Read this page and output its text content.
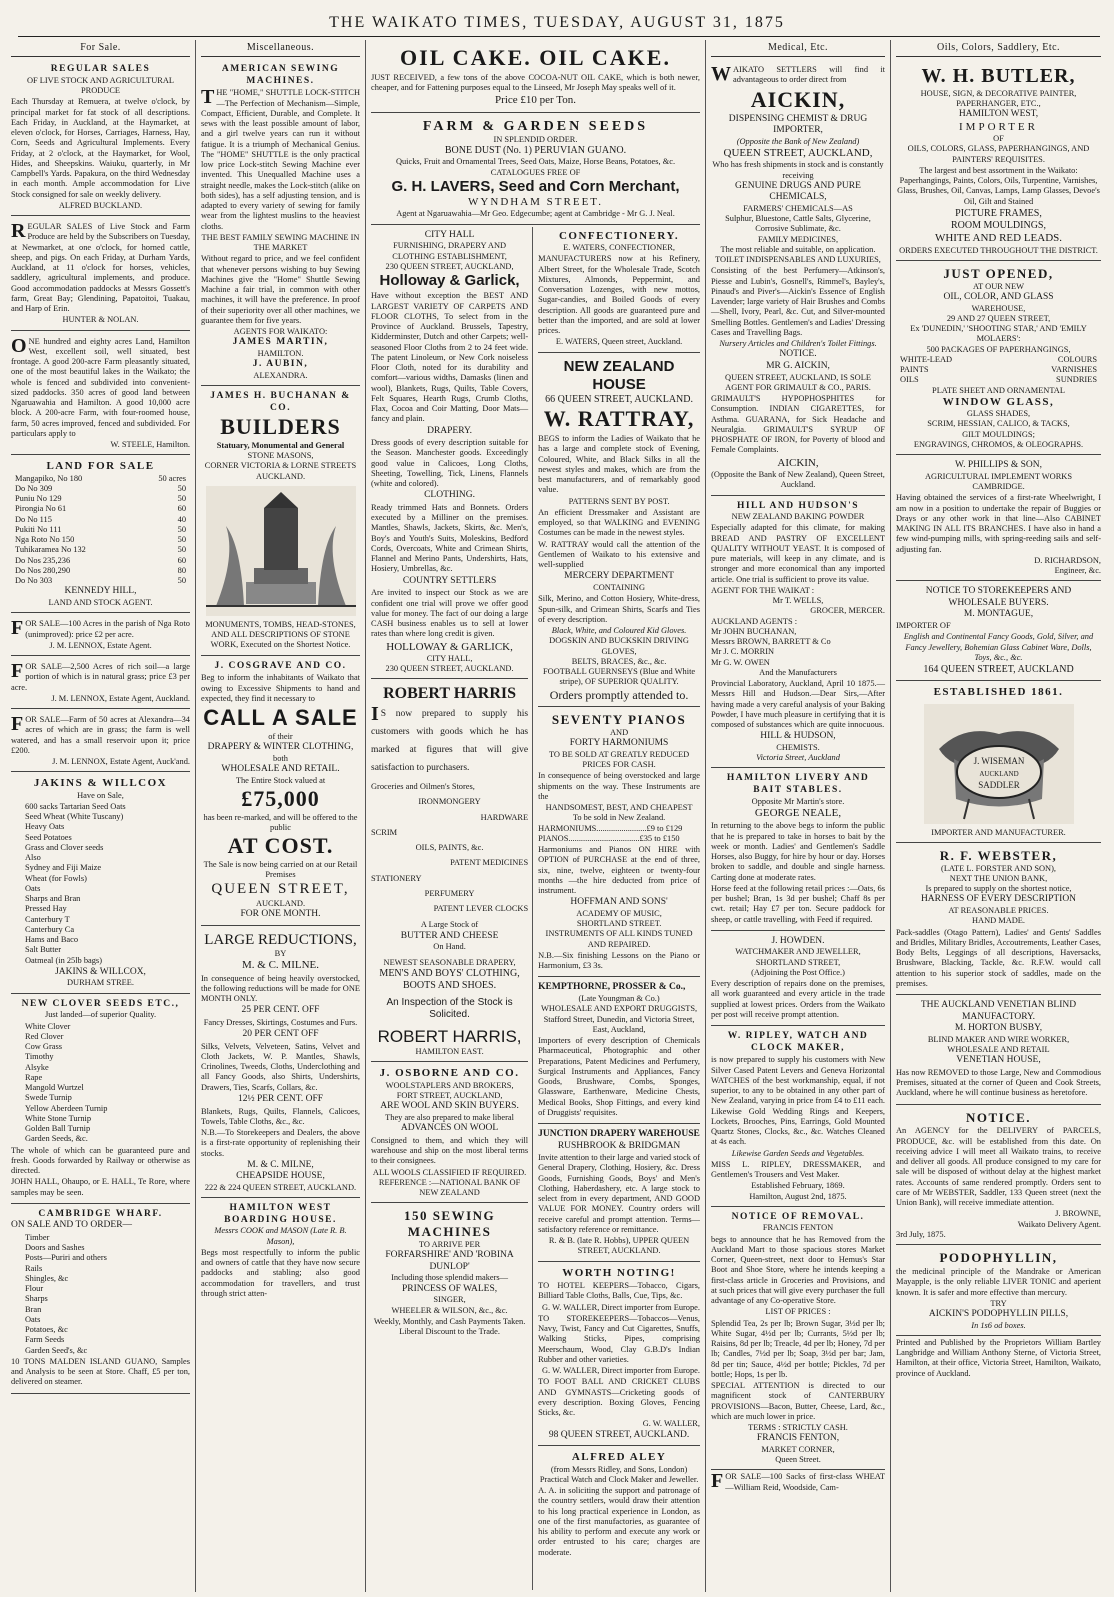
THE WAIKATO TIMES, TUESDAY, AUGUST 31, 1875
For Sale.
REGULAR SALES
OF LIVE STOCK AND AGRICULTURAL PRODUCE

Each Thursday at Remuera, at twelve o'clock, by principal market for fat stock of all descriptions. Each Friday, in Auckland, at the Haymarket, at eleven o'clock, for Horses, Carriages, Harness, Hay, Corn, Seeds and Agricultural Implements. Every Friday, at 2 o'clock, at the Haymarket, for Wool, Hides, and Sheepskins. Waiuku, quarterly, in Mr Campbell's Yards. Papakura, on the third Wednesday in each month. Ample accommodation for Live Stock consigned for sale on weekly delivery.

ALFRED BUCKLAND.

REGULAR SALES of Live Stock and Farm Produce are held by the Subscribers on Tuesday, at Newmarket, at one o'clock, for horned cattle, sheep, and pigs. On each Friday, at Durham Yards, Auckland, at 11 o'clock for horses, vehicles, saddlery, agricultural implements, and produce. Good accommodation paddocks at Messrs Gossett's farm, Great Bay; Glendining, Papatoitoi, Tuakau, and Harp of Erin.

HUNTER & NOLAN.

ONE hundred and eighty acres Land, Hamilton West, excellent soil, well situated, best frontage. A good 200-acre Farm pleasantly situated, one of the most beautiful lakes in the Waikato; the whole is fenced and subdivided into convenient-sized paddocks. 350 acres of good land between Ngaruawahia and Hamilton. A good 10,000 acre block. A 200-acre Farm, with four-roomed house, farm, 50 acres improved, fenced and subdivided. For particulars apply to

W. STEELE, Hamilton.
LAND FOR SALE
Mangapiko, No 180	50 acres
Do No 309	50
Puniu No 129	50
Pirongia No 61	60
Do No 115	40
Pukiti No 111	50
Nga Roto No 150	50
Tuhikaramea No 132	50
Do Nos 235,236	60
Do Nos 280,290	80
Do No 303	50
KENNEDY HILL,
LAND AND STOCK AGENT.

FOR SALE—100 Acres in the parish of Nga Roto (unimproved): price £2 per acre.

J. M. LENNOX, Estate Agent.

FOR SALE—2,500 Acres of rich soil—a large portion of which is in natural grass; price £3 per acre.

J. M. LENNOX, Estate Agent, Auckland.

FOR SALE—Farm of 50 acres at Alexandra—34 acres of which are in grass; the farm is well watered, and has a small reservoir upon it; price £200.

J. M. LENNOX, Estate Agent, Auck'and.
JAKINS & WILLCOX
Have on Sale,
600 sacks Tartarian Seed Oats
Seed Wheat (White Tuscany)
Heavy Oats
Seed Potatoes
Grass and Clover seeds
Also
Sydney and Fiji Maize
Wheat (for Fowls)
Oats
Sharps and Bran
Pressed Hay
Canterbury T
Canterbury Ca
Hams and Baco
Salt Butter
Oatmeal (in 25lb bags)
JAKINS & WILLCOX,
DURHAM STREE.
NEW CLOVER SEEDS ETC.,
Just landed—of superior Quality.
White Clover
Red Clover
Cow Grass
Timothy
Alsyke
Rape
Mangold Wurtzel
Swede Turnip
Yellow Aberdeen Turnip
White Stone Turnip
Golden Ball Turnip
Garden Seeds, &c.

The whole of which can be guaranteed pure and fresh. Goods forwarded by Railway or otherwise as directed.

JOHN HALL, Ohaupo, or E. HALL, Te Rore, where samples may be seen.

CAMBRIDGE WHARF.
ON SALE AND TO ORDER—
Timber
Doors and Sashes
Posts—Puriri and others
Rails
Shingles, &c
Flour
Sharps
Bran
Oats
Potatoes, &c
Farm Seeds
Garden Seed's, &c

10 TONS MALDEN ISLAND GUANO, Samples and Analysis to be seen at Store. Chaff, £5 per ton, delivered on steamer.

Miscellaneous.
AMERICAN SEWING MACHINES.

THE "HOME," SHUTTLE LOCK-STITCH—The Perfection of Mechanism—Simple, Compact, Efficient, Durable, and Complete. It sews with the least possible amount of labor, and a girl twelve years can run it without fatigue. It is a triumph of Mechanical Genius. The "HOME" SHUTTLE is the only practical low price Lock-stitch Sewing Machine ever invented. This Unequalled Machine uses a straight needle, makes the Lock-stitch (alike on both sides), has a self adjusting tension, and is adapted to every variety of sewing for family wear from the lightest muslins to the heaviest cloths.

THE BEST FAMILY SEWING MACHINE IN THE MARKET

Without regard to price, and we feel confident that whenever persons wishing to buy Sewing Machines give the "Home" Shuttle Sewing Machine a fair trial, in common with other machines, it will have the preference. In proof of their superiority over all other machines, we guarantee them for five years.

AGENTS FOR WAIKATO:
JAMES MARTIN,
HAMILTON.
J. AUBIN,
ALEXANDRA.
JAMES H. BUCHANAN & CO.
BUILDERS
Statuary, Monumental and General
STONE MASONS,
CORNER VICTORIA & LORNE STREETS AUCKLAND.
MONUMENTS, TOMBS, HEAD-STONES, AND ALL DESCRIPTIONS OF STONE WORK, Executed on the Shortest Notice.
J. COSGRAVE AND CO.

Beg to inform the inhabitants of Waikato that owing to Excessive Shipments to hand and expected, they find it necessary to

CALL A SALE
of their
DRAPERY & WINTER CLOTHING,
both
WHOLESALE AND RETAIL.
The Entire Stock valued at
£75,000
has been re-marked, and will be offered to the public
AT COST.
The Sale is now being carried on at our Retail Premises
QUEEN STREET,
AUCKLAND.
FOR ONE MONTH.
LARGE REDUCTIONS,
BY
M. & C. MILNE.

In consequence of being heavily overstocked, the following reductions will be made for ONE MONTH ONLY.

25 PER CENT. OFF

Fancy Dresses, Skirtings, Costumes and Furs.

20 PER CENT OFF

Silks, Velvets, Velveteen, Satins, Velvet and Cloth Jackets, W. P. Mantles, Shawls, Crinolines, Tweeds, Cloths, Underclothing and all Fancy Goods, also Shirts, Undershirts, Drawers, Ties, Scarfs, Collars, &c.

12½ PER CENT. OFF

Blankets, Rugs, Quilts, Flannels, Calicoes, Towels, Table Cloths, &c., &c.

N.B.—To Storekeepers and Dealers, the above is a first-rate opportunity of replenishing their stocks.

M. & C. MILNE,
CHEAPSIDE HOUSE,
222 & 224 QUEEN STREET, AUCKLAND.
HAMILTON WEST BOARDING HOUSE.
Messrs COOK and MASON (Late R. B. Mason),

Begs most respectfully to inform the public and owners of cattle that they have now secure paddocks and stabling; also good accommodation for travellers, and trust through strict atten-

OIL CAKE. OIL CAKE.

JUST RECEIVED, a few tons of the above COCOA-NUT OIL CAKE, which is both newer, cheaper, and for Fattening purposes equal to the Linseed, Mr Joseph May speaks well of it.

Price £10 per Ton.
FARM & GARDEN SEEDS
IN SPLENDID ORDER.
BONE DUST (No. 1) PERUVIAN GUANO.
Quicks, Fruit and Ornamental Trees, Seed Oats, Maize, Horse Beans, Potatoes, &c.
CATALOGUES FREE OF
G. H. LAVERS, Seed and Corn Merchant,
WYNDHAM STREET.
Agent at Ngaruawahia—Mr Geo. Edgecumbe; agent at Cambridge - Mr G. J. Neal.
CITY HALL
FURNISHING, DRAPERY AND CLOTHING ESTABLISHMENT,
230 QUEEN STREET, AUCKLAND,
Holloway & Garlick,

Have without exception the BEST AND LARGEST VARIETY OF CARPETS AND FLOOR CLOTHS, To select from in the Province of Auckland. Brussels, Tapestry, Kidderminster, Dutch and other Carpets; well-seasoned Floor Cloths from 2 to 24 feet wide. The patent Linoleum, or New Cork noiseless Floor Cloth, noted for its durability and comfort—various widths, Damasks (linen and wool), Blankets, Rugs, Quilts, Table Covers, Felt Squares, Hearth Rugs, Crumb Cloths, Flax, Cocoa and Coir Matting, Door Mats—fancy and plain.

DRAPERY.

Dress goods of every description suitable for the Season. Manchester goods. Exceedingly good value in Calicoes, Long Cloths, Sheeting, Towelling, Tick, Linens, Flannels (white and colored).

CLOTHING.

Ready trimmed Hats and Bonnets. Orders executed by a Milliner on the premises. Mantles, Shawls, Jackets, Skirts, &c. Men's, Boy's and Youth's Suits, Moleskins, Bedford Cords, Overcoats, White and Crimean Shirts, Flannel and Merino Pants, Undershirts, Hats, Hosiery, Umbrellas, &c.

COUNTRY SETTLERS

Are invited to inspect our Stock as we are confident one trial will prove we offer good value for money. The fact of our doing a large CASH business enables us to sell at lower rates than where long credit is given.

HOLLOWAY & GARLICK,
CITY HALL,
230 QUEEN STREET, AUCKLAND.
ROBERT HARRIS

IS now prepared to supply his customers with goods which he has marked at figures that will give satisfaction to purchasers.

Groceries and Oilmen's Stores,
IRONMONGERY
HARDWARE
SCRIM
OILS, PAINTS, &c.
PATENT MEDICINES
STATIONERY
PERFUMERY
PATENT LEVER CLOCKS
A Large Stock of
BUTTER AND CHEESE
On Hand.
NEWEST SEASONABLE DRAPERY,
MEN'S AND BOYS' CLOTHING,
BOOTS AND SHOES.
An Inspection of the Stock is Solicited.
ROBERT HARRIS,
HAMILTON EAST.
J. OSBORNE AND CO.
WOOLSTAPLERS AND BROKERS,
FORT STREET, AUCKLAND,
ARE WOOL AND SKIN BUYERS.
They are also prepared to make liberal
ADVANCES ON WOOL

Consigned to them, and which they will warehouse and ship on the most liberal terms to their consignees.

ALL WOOLS CLASSIFIED IF REQUIRED.
REFERENCE :—NATIONAL BANK OF NEW ZEALAND
150 SEWING MACHINES
TO ARRIVE PER
FORFARSHIRE' AND 'ROBINA DUNLOP'
Including those splendid makers—
PRINCESS OF WALES,
SINGER,
WHEELER & WILSON, &c., &c.

Weekly, Monthly, and Cash Payments Taken. Liberal Discount to the Trade.

CONFECTIONERY.
E. WATERS, CONFECTIONER,

MANUFACTURERS now at his Refinery, Albert Street, for the Wholesale Trade, Scotch Mixtures, Almonds, Peppermint, and Conversation Lozenges, with new mottos, Sugar-candies, and Boiled Goods of every description. All goods are guaranteed pure and better than the imported, and are sold at lower prices.

E. WATERS, Queen street, Auckland.
NEW ZEALAND HOUSE
66 QUEEN STREET, AUCKLAND.
W. RATTRAY,

BEGS to inform the Ladies of Waikato that he has a large and complete stock of Evening, Coloured, White, and Black Silks in all the newest styles and makes, which are from the best manufacturers, and of remarkably good value.

PATTERNS SENT BY POST.

An efficient Dressmaker and Assistant are employed, so that WALKING and EVENING Costumes can be made in the newest styles.

W. RATTRAY would call the attention of the Gentlemen of Waikato to his extensive and well-supplied

MERCERY DEPARTMENT
CONTAINING

Silk, Merino, and Cotton Hosiery, White-dress, Spun-silk, and Crimean Shirts, Scarfs and Ties of every description.

Black, White, and Coloured Kid Gloves.
DOGSKIN AND BUCKSKIN DRIVING GLOVES,
BELTS, BRACES, &c., &c.
FOOTBALL GUERNSEYS (Blue and White stripe), OF SUPERIOR QUALITY.
Orders promptly attended to.
SEVENTY PIANOS
AND
FORTY HARMONIUMS
TO BE SOLD AT GREATLY REDUCED PRICES FOR CASH.

In consequence of being overstocked and large shipments on the way. These Instruments are the

HANDSOMEST, BEST, AND CHEAPEST
To be sold in New Zealand.
HARMONIUMS........................£9 to £129
PIANOS..................................£35 to £150

Harmoniums and Pianos ON HIRE with OPTION of PURCHASE at the end of three, six, nine, twelve, eighteen or twenty-four months —the hire deducted from price of instrument.

HOFFMAN AND SONS'
ACADEMY OF MUSIC,
SHORTLAND STREET.
INSTRUMENTS OF ALL KINDS TUNED AND REPAIRED.

N.B.—Six finishing Lessons on the Piano or Harmonium, £3 3s.

KEMPTHORNE, PROSSER & Co.,
(Late Youngman & Co.)
WHOLESALE AND EXPORT DRUGGISTS,
Stafford Street, Dunedin, and Victoria Street, East, Auckland,

Importers of every description of Chemicals Pharmaceutical, Photographic and other Preparations, Patent Medicines and Perfumery, Surgical Instruments and Appliances, Fancy Goods, Brushware, Combs, Sponges, Glassware, Earthenware, Medicine Chests, Medical Books, Shop Fittings, and every kind of Druggists' requisites.

JUNCTION DRAPERY WAREHOUSE
RUSHBROOK & BRIDGMAN

Invite attention to their large and varied stock of General Drapery, Clothing, Hosiery, &c. Dress Goods, Furnishing Goods, Boys' and Men's Clothing, Haberdashery, etc. A large stock to select from in every department, AND GOOD VALUE FOR MONEY. Country orders will receive careful and prompt attention. Terms—satisfactory reference or remittance.

R. & B. (late R. Hobbs), UPPER QUEEN STREET, AUCKLAND.
WORTH NOTING!

TO HOTEL KEEPERS—Tobacco, Cigars, Billiard Table Cloths, Balls, Cue, Tips, &c.

G. W. WALLER, Direct importer from Europe.

TO STOREKEEPERS—Tobaccos—Venus, Navy, Twist, Fancy and Cut Cigarettes, Snuffs, Walking Sticks, Pipes, comprising Meerschaum, Wood, Clay G.B.D's Indian Rubber and other varieties.

G. W. WALLER, Direct importer from Europe.

TO FOOT BALL AND CRICKET CLUBS AND GYMNASTS—Cricketing goods of every description. Boxing Gloves, Fencing Sticks, &c.

G. W. WALLER,
98 QUEEN STREET, AUCKLAND.
ALFRED ALEY
(from Messrs Ridley, and Sons, London) Practical Watch and Clock Maker and Jeweller.

A. A. in soliciting the support and patronage of the country settlers, would draw their attention to his long practical experience in London, as one of the first manufactories, as guarantee of his ability to perform and execute any work or order entrusted to his care; charges are moderate.

Medical, Etc.

WAIKATO SETTLERS will find it advantageous to order direct from

AICKIN,
DISPENSING CHEMIST & DRUG IMPORTER,
(Opposite the Bank of New Zealand)
QUEEN STREET, AUCKLAND,
Who has fresh shipments in stock and is constantly receiving
GENUINE DRUGS AND PURE CHEMICALS,
FARMERS' CHEMICALS—AS
Sulphur, Bluestone, Cattle Salts, Glycerine, Corrosive Sublimate, &c.
FAMILY MEDICINES,
The most reliable and suitable, on application.
TOILET INDISPENSABLES AND LUXURIES,

Consisting of the best Perfumery—Atkinson's, Piesse and Lubin's, Gosnell's, Rimmel's, Bayley's, Pinaud's and Piver's—Aickin's Essence of English Lavender; large variety of Hair Brushes and Combs—Shell, Ivory, Pearl, &c. Cut, and Silver-mounted Smelling Bottles. Gentlemen's and Ladies' Dressing Cases and Travelling Bags.

Nursery Articles and Children's Toilet Fittings.
NOTICE.
MR G. AICKIN,
QUEEN STREET, AUCKLAND, IS SOLE AGENT FOR GRIMAULT & CO., PARIS.

GRIMAULT'S HYPOPHOSPHITES for Consumption. INDIAN CIGARETTES, for Asthma. GUARANA, for Sick Headache and Neuralgia. GRIMAULT'S SYRUP OF PHOSPHATE OF IRON, for Poverty of blood and Female Complaints.

AICKIN,
(Opposite the Bank of New Zealand), Queen Street, Auckland.
HILL AND HUDSON'S
NEW ZEALAND BAKING POWDER

Especially adapted for this climate, for making BREAD AND PASTRY OF EXCELLENT QUALITY WITHOUT YEAST. It is composed of pure materials, will keep in any climate, and is stronger and more economical than any imported article. One trial is sufficient to prove its value.

AGENT FOR THE WAIKAT :
Mr T. WELLS,
GROCER, MERCER.
AUCKLAND AGENTS :
Mr JOHN BUCHANAN,
Messrs BROWN, BARRETT & Co
Mr J. C. MORRIN
Mr G. W. OWEN
And the Manufacturers

Provincial Laboratory, Auckland, April 10 1875.—Messrs Hill and Hudson.—Dear Sirs,—After having made a very careful analysis of your Baking Powder, I have much pleasure in certifying that it is composed of substances which are quite innocuous.

HILL & HUDSON,
CHEMISTS.
Victoria Street, Auckland
HAMILTON LIVERY AND BAIT STABLES.
Opposite Mr Martin's store.
GEORGE NEALE,

In returning to the above begs to inform the public that he is prepared to take in horses to bait by the week or month. Ladies' and Gentlemen's Saddle Horses, also Buggy, for hire by hour or day. Horses broken to saddle, and double and single harness. Carting done at moderate rates.

Horse feed at the following retail prices :—Oats, 6s per bushel; Bran, 1s 3d per bushel; Chaff 8s per cwt. retail; Hay £7 per ton. Secure paddock for sheep, or cattle travelling, with Feed if required.

J. HOWDEN.
WATCHMAKER AND JEWELLER,
SHORTLAND STREET,
(Adjoining the Post Office.)

Every description of repairs done on the premises, all work guaranteed and every article in the trade supplied at lowest prices. Orders from the Waikato per post will receive prompt attention.

W. RIPLEY, WATCH AND CLOCK MAKER,

is now prepared to supply his customers with New Silver Cased Patent Levers and Geneva Horizontal WATCHES of the best workmanship, equal, if not superior, to any to be obtained in any other part of New Zealand, varying in price from £4 to £11 each. Likewise Gold Wedding Rings and Keepers, Lockets, Brooches, Pins, Earrings, Gold Mounted Quartz Stones, Clocks, &c., &c. Watches Cleaned at 4s each.

Likewise Garden Seeds and Vegetables.

MISS L. RIPLEY, DRESSMAKER, and Gentlemen's Trousers and Vest Maker.

Established February, 1869.
Hamilton, August 2nd, 1875.
NOTICE OF REMOVAL.
FRANCIS FENTON

begs to announce that he has Removed from the Auckland Mart to those spacious stores Market Corner, Queen-street, next door to Hemus's Star Boot and Shoe Store, where he intends keeping a first-class article in Groceries and Provisions, and at such prices that will give every purchaser the full advantage of any Co-operative Store.

LIST OF PRICES :

Splendid Tea, 2s per lb; Brown Sugar, 3½d per lb; White Sugar, 4½d per lb; Currants, 5½d per lb; Raisins, 8d per lb; Treacle, 4d per lb; Honey, 7d per lb; Candles, 7½d per lb; Soap, 3½d per bar; Jam, 8d per tin; Sauce, 4½d per bottle; Pickles, 7d per bottle; Hops, 1s per lb.

SPECIAL ATTENTION is directed to our magnificent stock of CANTERBURY PROVISIONS—Bacon, Butter, Cheese, Lard, &c., which are much lower in price.

TERMS : STRICTLY CASH.
FRANCIS FENTON,
MARKET CORNER,
Queen Street.

FOR SALE—100 Sacks of first-class WHEAT—William Reid, Woodside, Cam-

Oils, Colors, Saddlery, Etc.
W. H. BUTLER,
HOUSE, SIGN, & DECORATIVE PAINTER,
PAPERHANGER, ETC.,
HAMILTON WEST,
IMPORTER
OF
OILS, COLORS, GLASS, PAPERHANGINGS, AND PAINTERS' REQUISITES.

The largest and best assortment in the Waikato: Paperhangings, Paints, Colors, Oils, Turpentine, Varnishes, Glass, Brushes, Oil, Canvas, Lamps, Lamp Glasses, Devoe's Oil, Gilt and Stained

PICTURE FRAMES,
ROOM MOULDINGS,
WHITE AND RED LEADS.
ORDERS EXECUTED THROUGHOUT THE DISTRICT.
JUST OPENED,
AT OUR NEW
OIL, COLOR, AND GLASS
WAREHOUSE,
29 AND 27 QUEEN STREET,
Ex 'DUNEDIN,' 'SHOOTING STAR,' AND 'EMILY MOLAERS':
500 PACKAGES OF PAPERHANGINGS,
WHITE-LEAD	COLOURS
PAINTS	VARNISHES
OILS	SUNDRIES
PLATE SHEET AND ORNAMENTAL
WINDOW GLASS,
GLASS SHADES,
SCRIM, HESSIAN, CALICO, & TACKS,
GILT MOULDINGS;
ENGRAVINGS, CHROMOS, & OLEOGRAPHS.
W. PHILLIPS & SON,
AGRICULTURAL IMPLEMENT WORKS
CAMBRIDGE.

Having obtained the services of a first-rate Wheelwright, I am now in a position to undertake the repair of Buggies or Drays or any other work in that line—Also CABINET MAKING IN ALL ITS BRANCHES. I have also in hand a few wind-pumping mills, with spring-reeding sails and self-adjusting fan.

D. RICHARDSON,
Engineer, &c.
NOTICE TO STOREKEEPERS AND WHOLESALE BUYERS.
M. MONTAGUE,
IMPORTER OF

English and Continental Fancy Goods, Gold, Silver, and Fancy Jewellery, Bohemian Glass Cabinet Ware, Dolls, Toys, &c., &c.

164 QUEEN STREET, AUCKLAND
ESTABLISHED 1861.
J. WISEMAN
AUCKLAND
SADDLER
IMPORTER AND MANUFACTURER.
R. F. WEBSTER,
(LATE L. FORSTER AND SON),
NEXT THE UNION BANK,
Is prepared to supply on the shortest notice,
HARNESS OF EVERY DESCRIPTION
AT REASONABLE PRICES.
HAND MADE.

Pack-saddles (Otago Pattern), Ladies' and Gents' Saddles and Bridles, Military Bridles, Accoutrements, Leather Cases, Body Belts, Leggings of all descriptions, Haversacks, Brushware, Blacking, Tackle, &c. R.F.W. would call attention to his superior stock of saddles, made on the premises.

THE AUCKLAND VENETIAN BLIND MANUFACTORY.
M. HORTON BUSBY,
BLIND MAKER AND WIRE WORKER,
WHOLESALE AND RETAIL
VENETIAN HOUSE,

Has now REMOVED to those Large, New and Commodious Premises, situated at the corner of Queen and Cook Streets, Auckland, where he will continue business as heretofore.

NOTICE.

An AGENCY for the DELIVERY of PARCELS, PRODUCE, &c. will be established from this date. On receiving advice I will meet all Waikato trains, to receive and deliver all goods. All produce consigned to my care for sale will be disposed of without delay at the highest market rates. Accounts of same rendered promptly. Orders sent to care of Mr WEBSTER, Saddler, 133 Queen street (next the Union Bank), will receive immediate attention.

J. BROWNE,
Waikato Delivery Agent.
3rd July, 1875.
PODOPHYLLIN,

the medicinal principle of the Mandrake or American Mayapple, is the only reliable LIVER TONIC and aperient known. It is safer and more effective than mercury.

TRY
AICKIN'S PODOPHYLLIN PILLS,
In 1s6 od boxes.

Printed and Published by the Proprietors William Bartley Langbridge and William Anthony Sterne, of Victoria Street, Hamilton, at their office, Victoria Street, Hamilton, Waikato, province of Auckland.
